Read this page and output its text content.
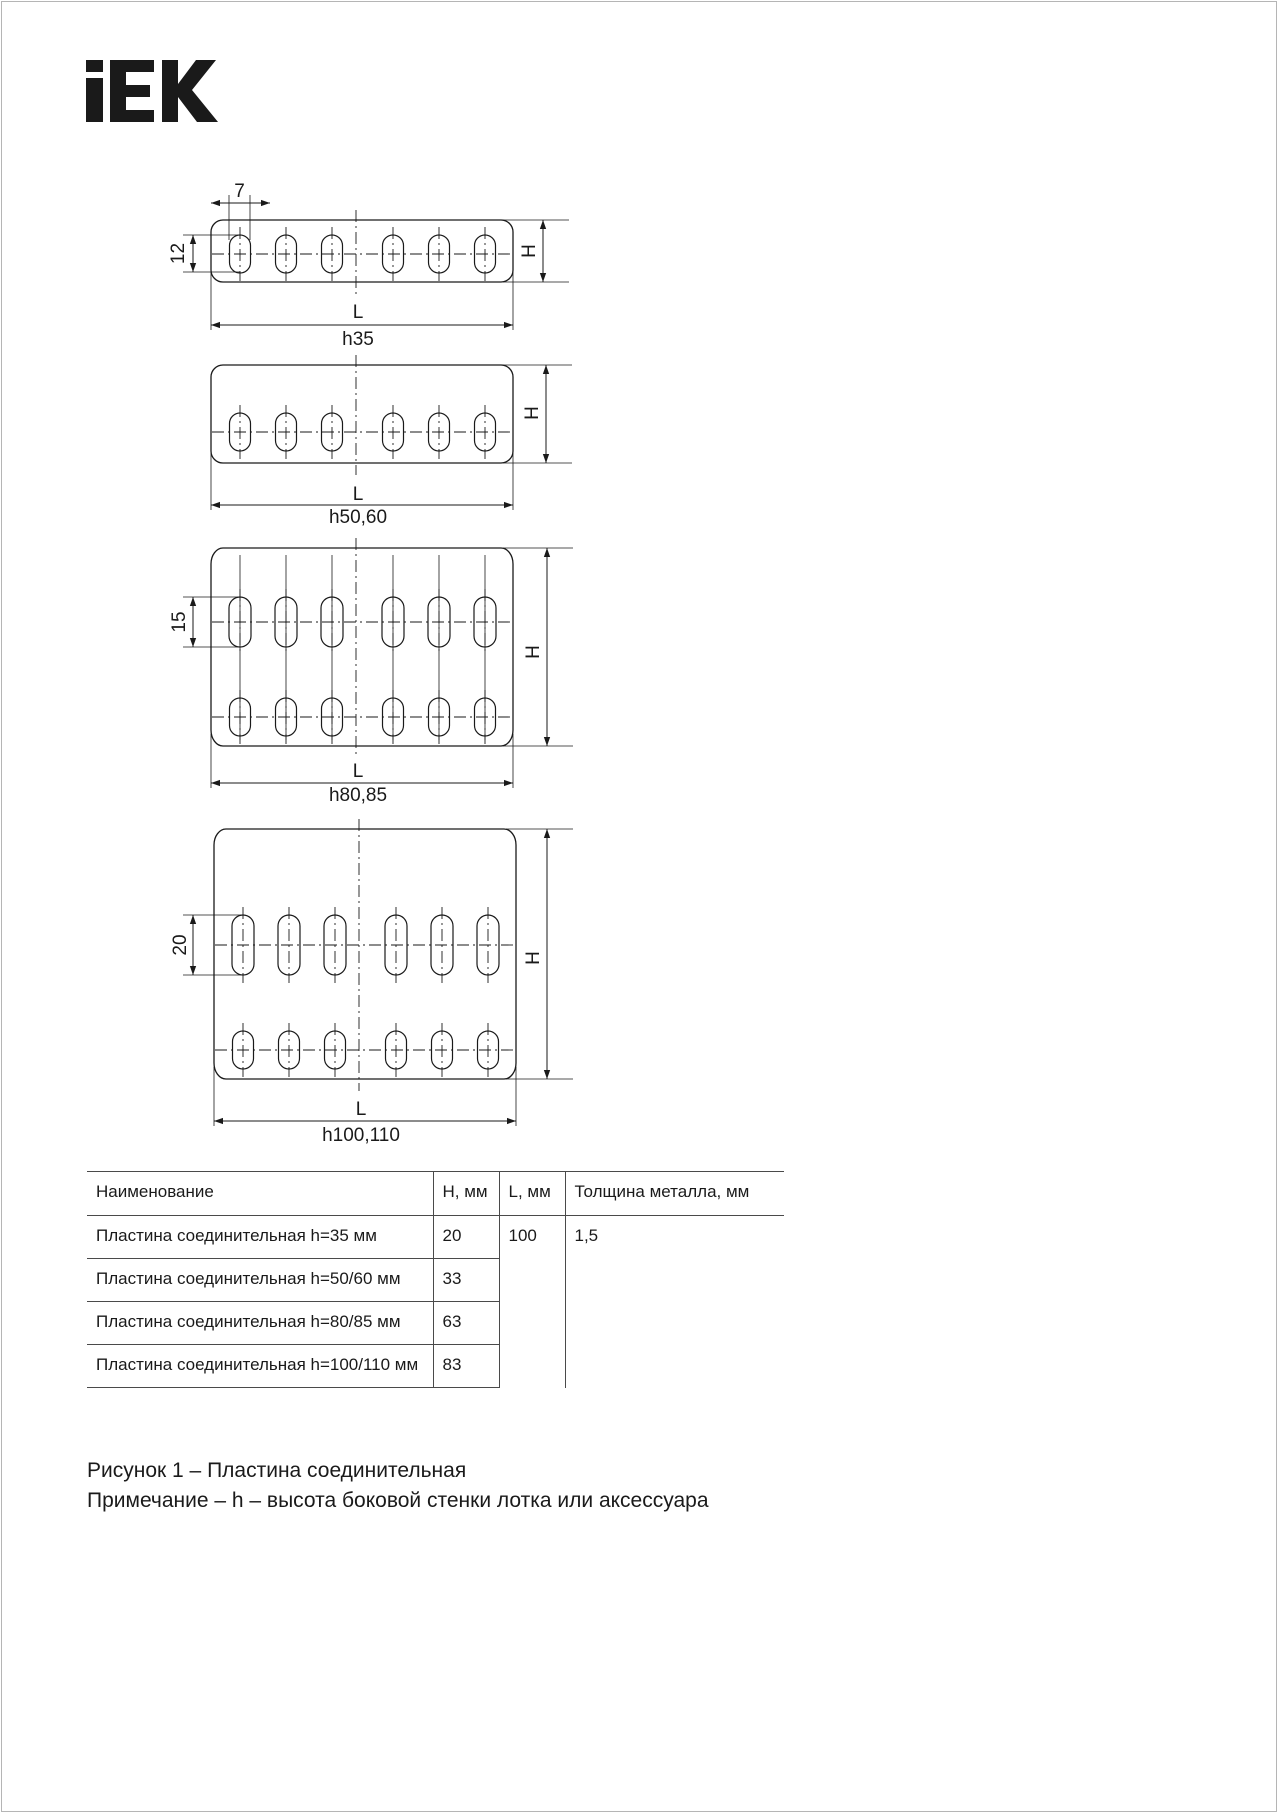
L
h35
H
7
12
L
h50,60
H
L
h80,85
H
15
L
h100,110
H
20
Наименование	H, мм	L, мм	Толщина металла, мм
Пластина соединительная h=35 мм	20	100	1,5
Пластина соединительная h=50/60 мм	33		
Пластина соединительная h=80/85 мм	63		
Пластина соединительная h=100/110 мм	83		
Рисунок 1 – Пластина соединительная
Примечание – h – высота боковой стенки лотка или аксессуара
